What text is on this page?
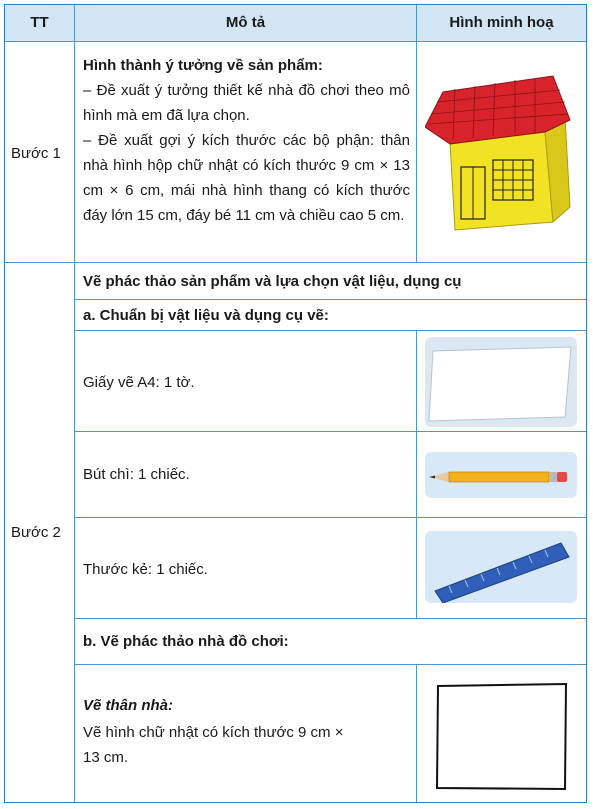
TT	Mô tả	Hình minh hoạ
Bước 1
Hình thành ý tưởng về sản phẩm:
– Đề xuất ý tưởng thiết kế nhà đồ chơi theo mô hình mà em đã lựa chọn.
– Đề xuất gợi ý kích thước các bộ phận: thân nhà hình hộp chữ nhật có kích thước 9 cm × 13 cm × 6 cm, mái nhà hình thang có kích thước đáy lớn 15 cm, đáy bé 11 cm và chiều cao 5 cm.
Bước 2
Vẽ phác thảo sản phẩm và lựa chọn vật liệu, dụng cụ
a. Chuẩn bị vật liệu và dụng cụ vẽ:
Giấy vẽ A4: 1 tờ.
Bút chì: 1 chiếc.
Thước kẻ: 1 chiếc.
b. Vẽ phác thảo nhà đồ chơi:
Vẽ thân nhà:
Vẽ hình chữ nhật có kích thước 9 cm × 13 cm.
